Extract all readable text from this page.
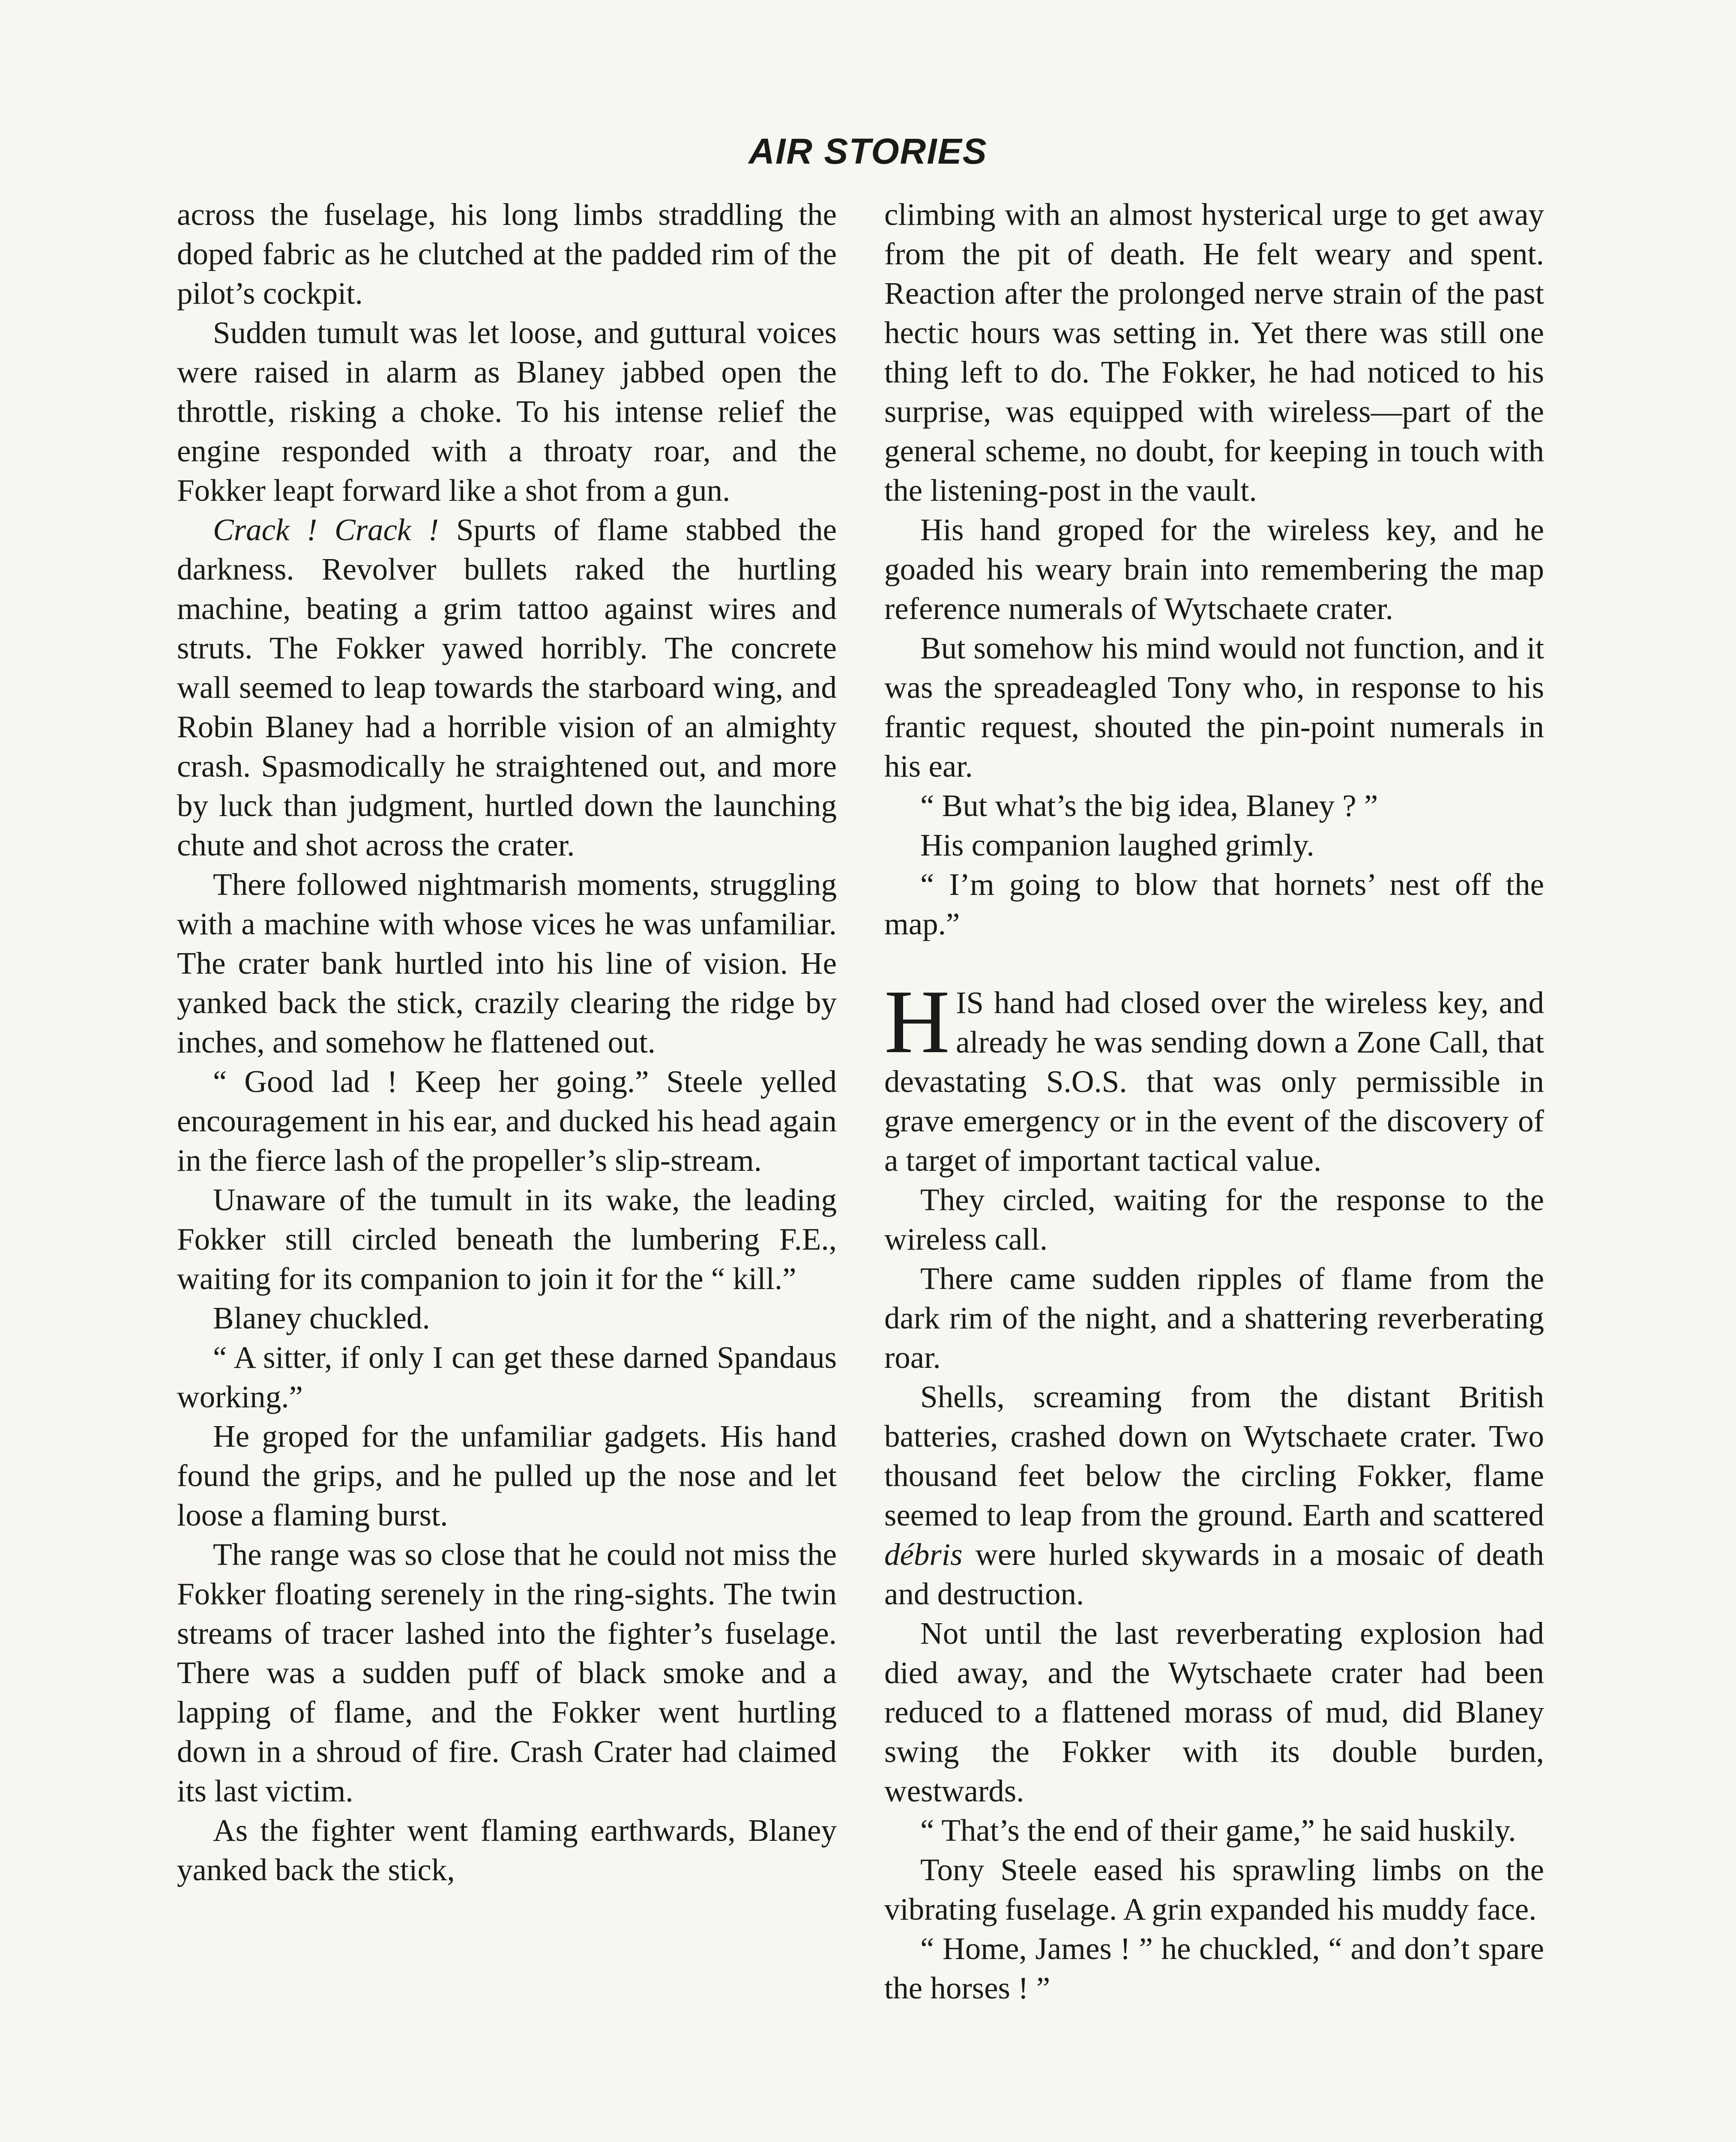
AIR STORIES

across the fuselage, his long limbs straddling the doped fabric as he clutched at the padded rim of the pilot’s cockpit.

Sudden tumult was let loose, and guttural voices were raised in alarm as Blaney jabbed open the throttle, risking a choke. To his intense relief the engine responded with a throaty roar, and the Fokker leapt forward like a shot from a gun.

Crack ! Crack ! Spurts of flame stabbed the darkness. Revolver bullets raked the hurtling machine, beating a grim tattoo against wires and struts. The Fokker yawed horribly. The concrete wall seemed to leap towards the starboard wing, and Robin Blaney had a horrible vision of an almighty crash. Spasmodically he straightened out, and more by luck than judgment, hurtled down the launching chute and shot across the crater.

There followed nightmarish moments, struggling with a machine with whose vices he was unfamiliar. The crater bank hurtled into his line of vision. He yanked back the stick, crazily clearing the ridge by inches, and somehow he flattened out.

“ Good lad ! Keep her going.” Steele yelled encouragement in his ear, and ducked his head again in the fierce lash of the propeller’s slip-stream.

Unaware of the tumult in its wake, the leading Fokker still circled beneath the lumbering F.E., waiting for its companion to join it for the “ kill.”

Blaney chuckled.

“ A sitter, if only I can get these darned Spandaus working.”

He groped for the unfamiliar gadgets. His hand found the grips, and he pulled up the nose and let loose a flaming burst.

The range was so close that he could not miss the Fokker floating serenely in the ring-sights. The twin streams of tracer lashed into the fighter’s fuselage. There was a sudden puff of black smoke and a lapping of flame, and the Fokker went hurtling down in a shroud of fire. Crash Crater had claimed its last victim.

As the fighter went flaming earthwards, Blaney yanked back the stick,

climbing with an almost hysterical urge to get away from the pit of death. He felt weary and spent. Reaction after the prolonged nerve strain of the past hectic hours was setting in. Yet there was still one thing left to do. The Fokker, he had noticed to his surprise, was equipped with wireless—part of the general scheme, no doubt, for keeping in touch with the listening-post in the vault.

His hand groped for the wireless key, and he goaded his weary brain into remembering the map reference numerals of Wytschaete crater.

But somehow his mind would not function, and it was the spreadeagled Tony who, in response to his frantic request, shouted the pin-point numerals in his ear.

“ But what’s the big idea, Blaney ? ”

His companion laughed grimly.

“ I’m going to blow that hornets’ nest off the map.”

HIS hand had closed over the wireless key, and already he was sending down a Zone Call, that devastating S.O.S. that was only permissible in grave emergency or in the event of the discovery of a target of important tactical value.

They circled, waiting for the response to the wireless call.

There came sudden ripples of flame from the dark rim of the night, and a shattering reverberating roar.

Shells, screaming from the distant British batteries, crashed down on Wytschaete crater. Two thousand feet below the circling Fokker, flame seemed to leap from the ground. Earth and scattered débris were hurled skywards in a mosaic of death and destruction.

Not until the last reverberating explosion had died away, and the Wytschaete crater had been reduced to a flattened morass of mud, did Blaney swing the Fokker with its double burden, westwards.

“ That’s the end of their game,” he said huskily.

Tony Steele eased his sprawling limbs on the vibrating fuselage. A grin expanded his muddy face.

“ Home, James ! ” he chuckled, “ and don’t spare the horses ! ”
